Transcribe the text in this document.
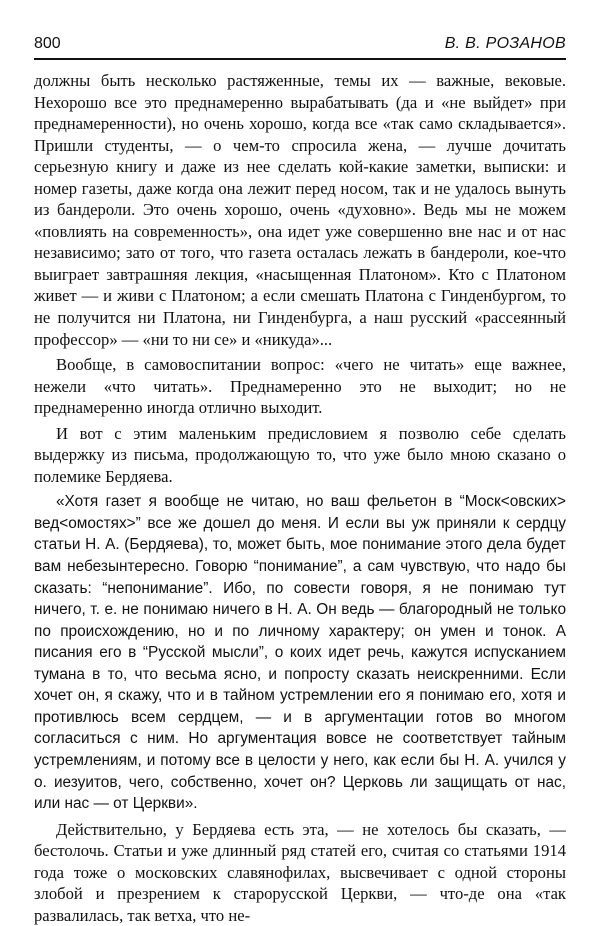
800	В. В. РОЗАНОВ

должны быть несколько растяженные, темы их — важные, вековые. Нехорошо все это преднамеренно вырабатывать (да и «не выйдет» при преднамеренности), но очень хорошо, когда все «так само складывается». Пришли студенты, — о чем-то спросила жена, — лучше дочитать серьезную книгу и даже из нее сделать кой-какие заметки, выписки: и номер газеты, даже когда она лежит перед носом, так и не удалось вынуть из бандероли. Это очень хорошо, очень «духовно». Ведь мы не можем «повлиять на современность», она идет уже совершенно вне нас и от нас независимо; зато от того, что газета осталась лежать в бандероли, кое-что выиграет завтрашняя лекция, «насыщенная Платоном». Кто с Платоном живет — и живи с Платоном; а если смешать Платона с Гинденбургом, то не получится ни Платона, ни Гинденбурга, а наш русский «рассеянный профессор» — «ни то ни се» и «никуда»...

Вообще, в самовоспитании вопрос: «чего не читать» еще важнее, нежели «что читать». Преднамеренно это не выходит; но не преднамеренно иногда отлично выходит.

И вот с этим маленьким предисловием я позволю себе сделать выдержку из письма, продолжающую то, что уже было мною сказано о полемике Бердяева.

«Хотя газет я вообще не читаю, но ваш фельетон в “Моск<овских> вед<омостях>” все же дошел до меня. И если вы уж приняли к сердцу статьи Н. А. (Бердяева), то, может быть, мое понимание этого дела будет вам небезынтересно. Говорю “понимание”, а сам чувствую, что надо бы сказать: “непонимание”. Ибо, по совести говоря, я не понимаю тут ничего, т. е. не понимаю ничего в Н. А. Он ведь — благородный не только по происхождению, но и по личному характеру; он умен и тонок. А писания его в “Русской мысли”, о коих идет речь, кажутся испусканием тумана в то, что весьма ясно, и попросту сказать неискренними. Если хочет он, я скажу, что и в тайном устремлении его я понимаю его, хотя и противлюсь всем сердцем, — и в аргументации готов во многом согласиться с ним. Но аргументация вовсе не соответствует тайным устремлениям, и потому все в целости у него, как если бы Н. А. учился у о. иезуитов, чего, собственно, хочет он? Церковь ли защищать от нас, или нас — от Церкви».

Действительно, у Бердяева есть эта, — не хотелось бы сказать, — бестолочь. Статьи и уже длинный ряд статей его, считая со статьями 1914 года тоже о московских славянофилах, высвечивает с одной стороны злобой и презрением к старорусской Церкви, — что-де она «так развалилась, так ветха, что не-
